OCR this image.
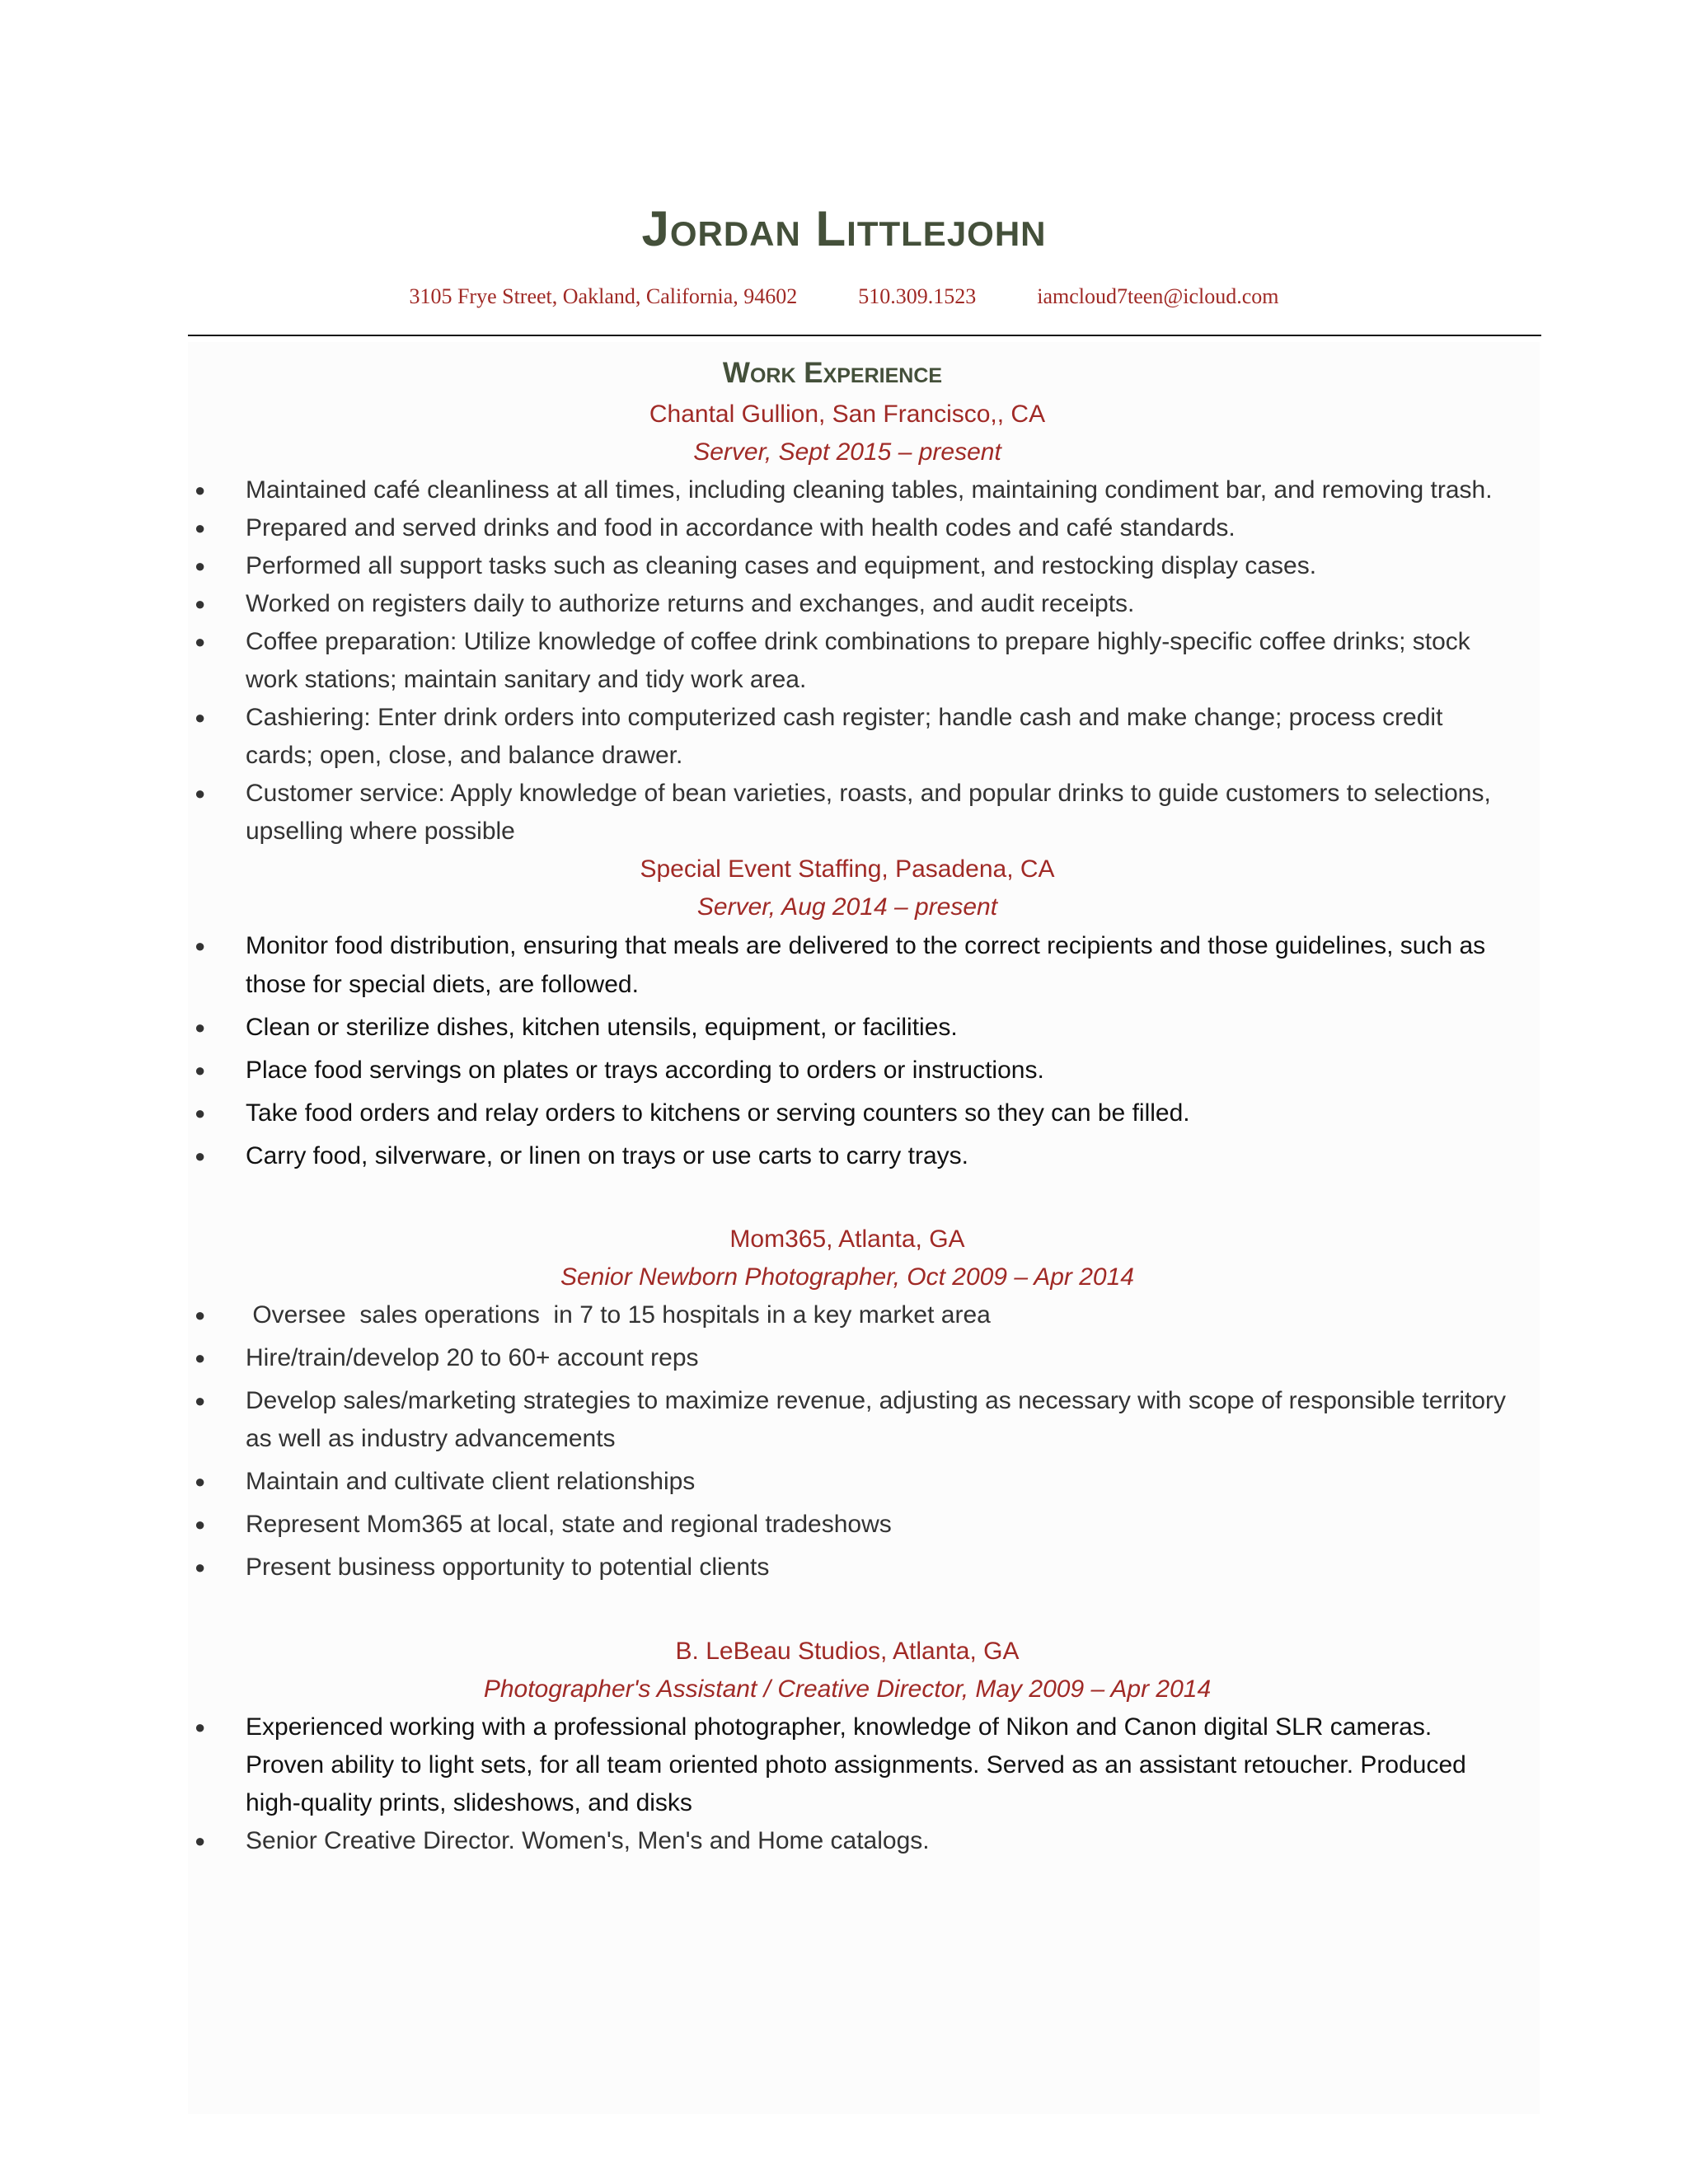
Jordan Littlejohn
3105 Frye Street, Oakland, California, 94602	510.309.1523	iamcloud7teen@icloud.com
Work Experience
Chantal Gullion, San Francisco,, CA
Server, Sept 2015 – present
● Maintained café cleanliness at all times, including cleaning tables, maintaining condiment bar, and removing trash.
● Prepared and served drinks and food in accordance with health codes and café standards.
● Performed all support tasks such as cleaning cases and equipment, and restocking display cases.
● Worked on registers daily to authorize returns and exchanges, and audit receipts.
● Coffee preparation: Utilize knowledge of coffee drink combinations to prepare highly-specific coffee drinks; stock work stations; maintain sanitary and tidy work area.
● Cashiering: Enter drink orders into computerized cash register; handle cash and make change; process credit cards; open, close, and balance drawer.
● Customer service: Apply knowledge of bean varieties, roasts, and popular drinks to guide customers to selections, upselling where possible
Special Event Staffing, Pasadena, CA
Server, Aug 2014 – present
● Monitor food distribution, ensuring that meals are delivered to the correct recipients and those guidelines, such as those for special diets, are followed.
● Clean or sterilize dishes, kitchen utensils, equipment, or facilities.
● Place food servings on plates or trays according to orders or instructions.
● Take food orders and relay orders to kitchens or serving counters so they can be filled.
● Carry food, silverware, or linen on trays or use carts to carry trays.
Mom365, Atlanta, GA
Senior Newborn Photographer, Oct 2009 – Apr 2014
● Oversee  sales operations  in 7 to 15 hospitals in a key market area
● Hire/train/develop 20 to 60+ account reps
● Develop sales/marketing strategies to maximize revenue, adjusting as necessary with scope of responsible territory as well as industry advancements
● Maintain and cultivate client relationships
● Represent Mom365 at local, state and regional tradeshows
● Present business opportunity to potential clients
B. LeBeau Studios, Atlanta, GA
Photographer's Assistant / Creative Director, May 2009 – Apr 2014
● Experienced working with a professional photographer, knowledge of Nikon and Canon digital SLR cameras. Proven ability to light sets, for all team oriented photo assignments. Served as an assistant retoucher. Produced high-quality prints, slideshows, and disks
● Senior Creative Director. Women's, Men's and Home catalogs.
